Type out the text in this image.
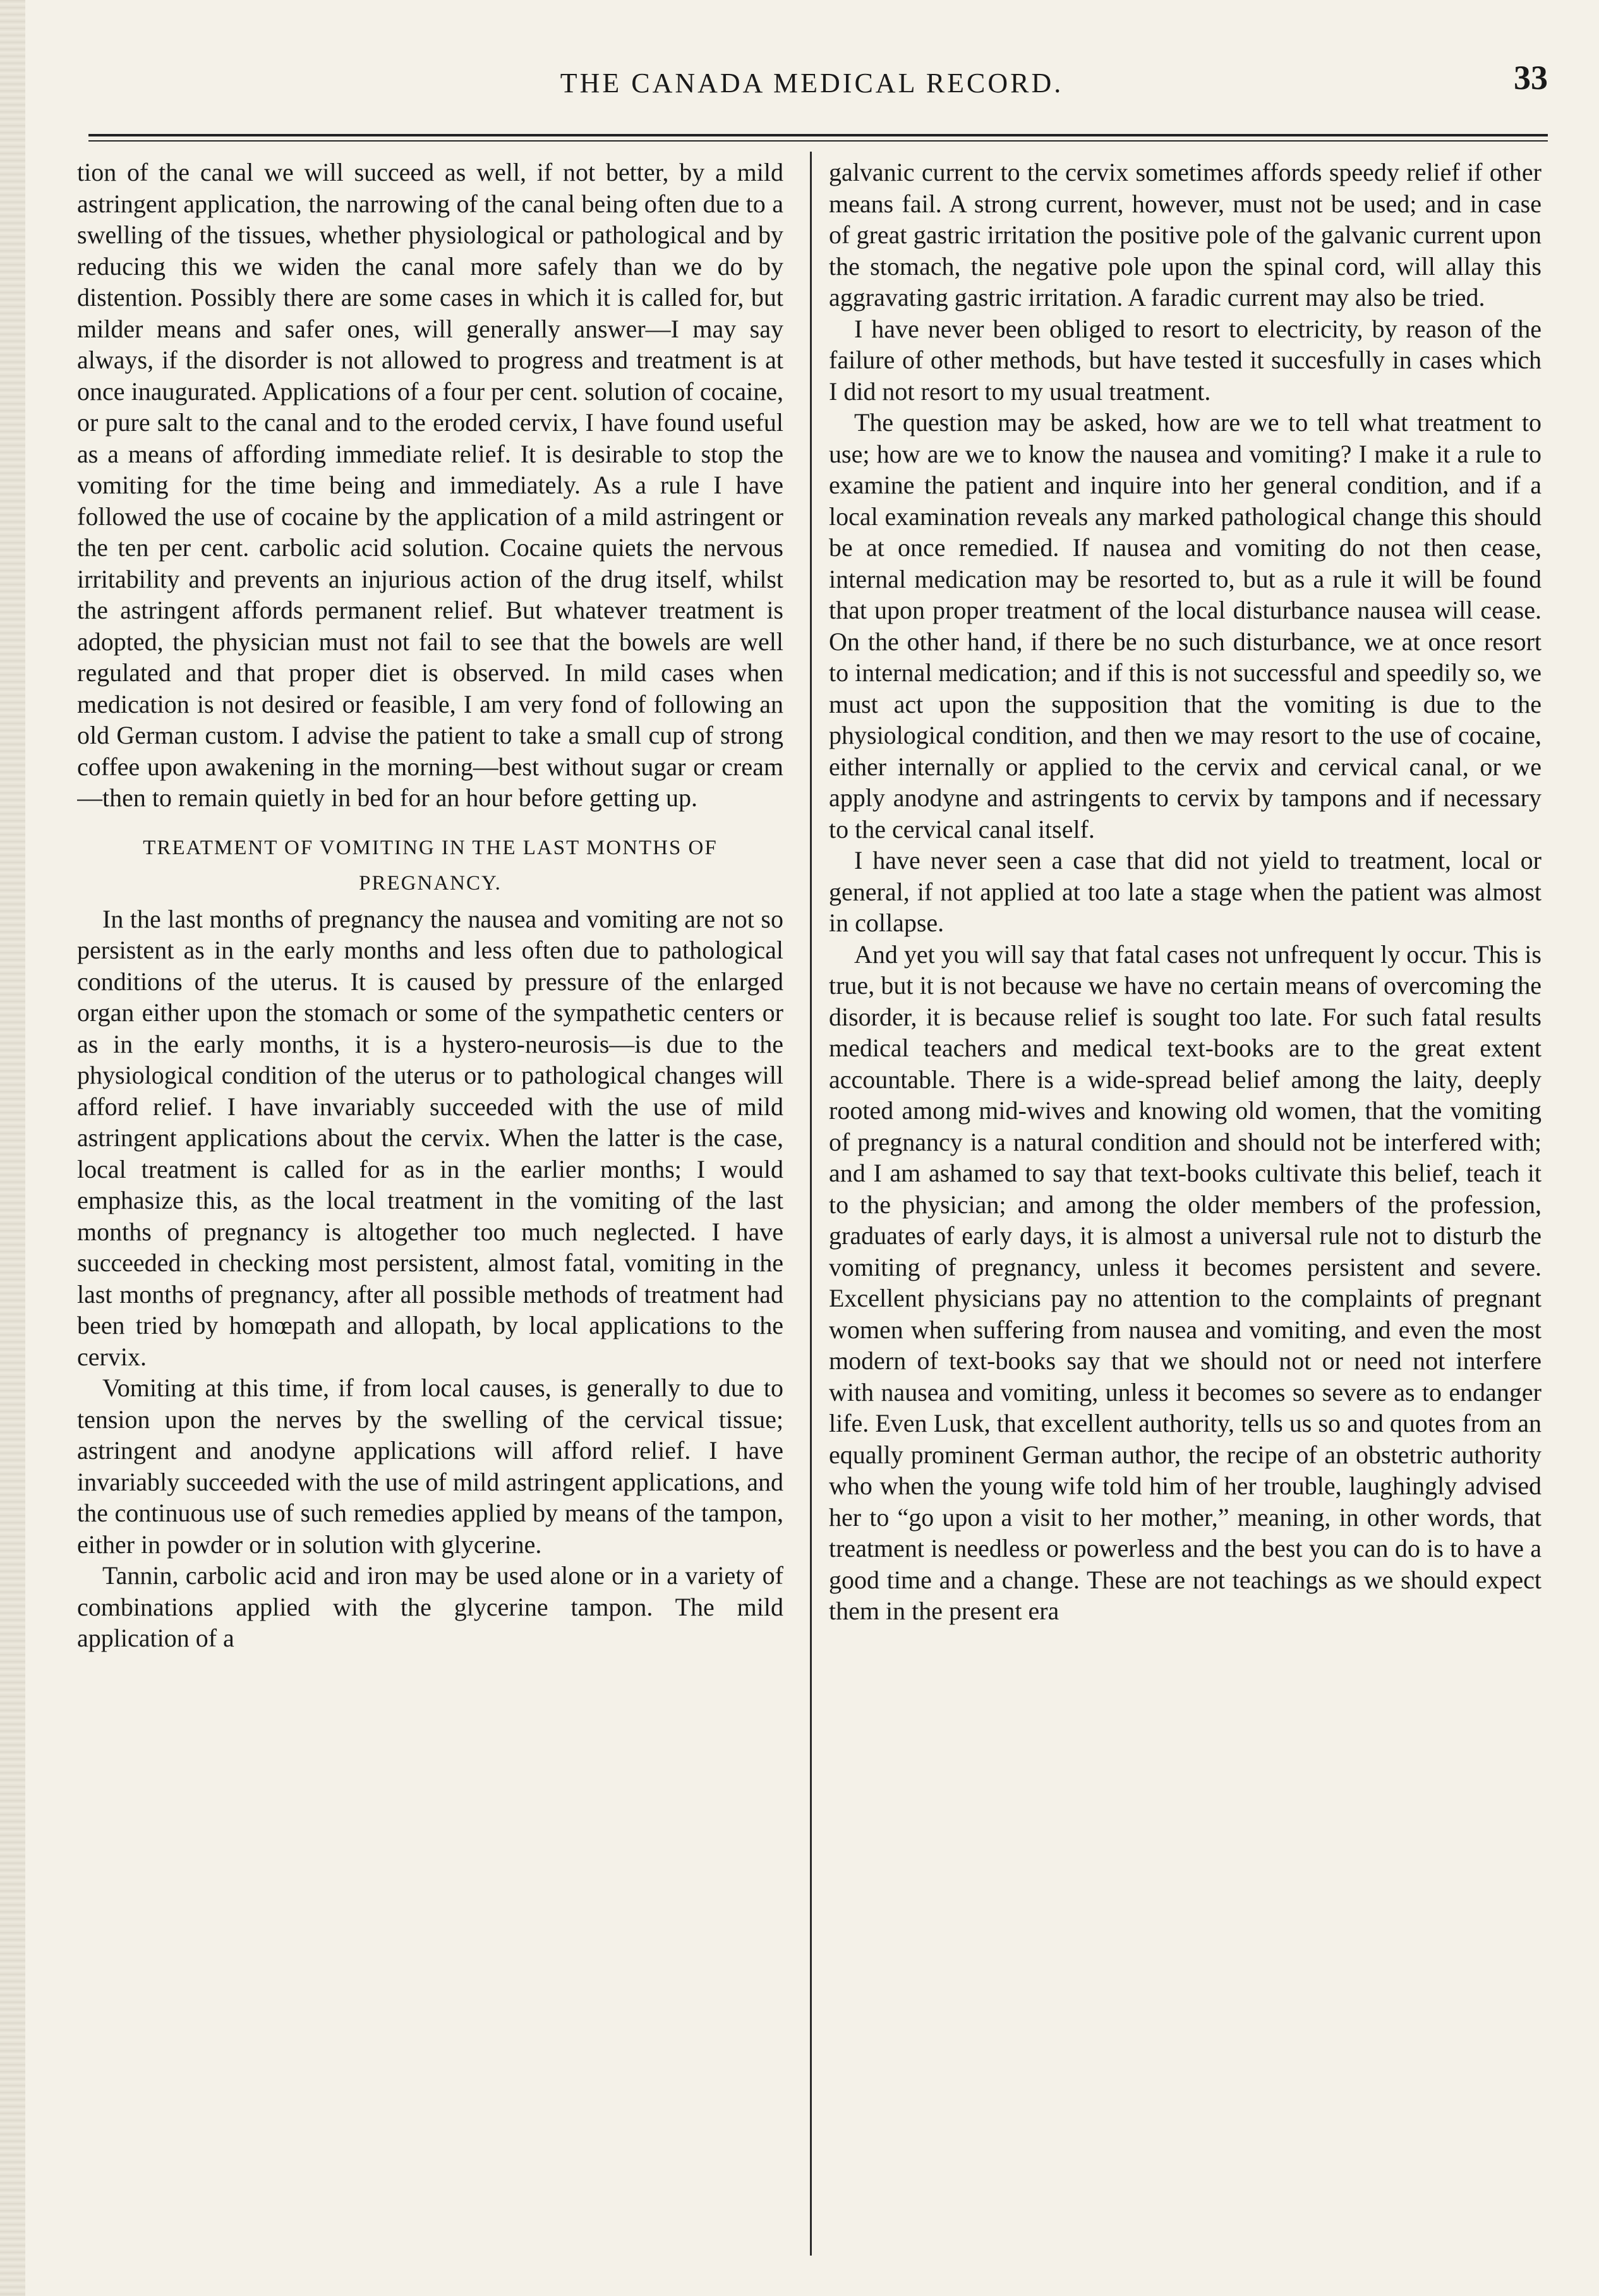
THE CANADA MEDICAL RECORD.	33

tion of the canal we will succeed as well, if not better, by a mild astringent application, the narrowing of the canal being often due to a swelling of the tissues, whether physiological or pathological and by reducing this we widen the canal more safely than we do by distention. Possibly there are some cases in which it is called for, but milder means and safer ones, will generally answer—I may say always, if the disorder is not allowed to progress and treatment is at once inaugurated. Applications of a four per cent. solution of cocaine, or pure salt to the canal and to the eroded cervix, I have found useful as a means of affording immediate relief. It is desirable to stop the vomiting for the time being and immediately. As a rule I have followed the use of cocaine by the application of a mild astringent or the ten per cent. carbolic acid solution. Cocaine quiets the nervous irritability and prevents an injurious action of the drug itself, whilst the astringent affords permanent relief. But whatever treatment is adopted, the physician must not fail to see that the bowels are well regulated and that proper diet is observed. In mild cases when medication is not desired or feasible, I am very fond of following an old German custom. I advise the patient to take a small cup of strong coffee upon awakening in the morning—best without sugar or cream—then to remain quietly in bed for an hour before getting up.

TREATMENT OF VOMITING IN THE LAST MONTHS OF
PREGNANCY.

In the last months of pregnancy the nausea and vomiting are not so persistent as in the early months and less often due to pathological conditions of the uterus. It is caused by pressure of the enlarged organ either upon the stomach or some of the sympathetic centers or as in the early months, it is a hystero-neurosis—is due to the physiological condition of the uterus or to pathological changes will afford relief. I have invariably succeeded with the use of mild astringent applications about the cervix. When the latter is the case, local treatment is called for as in the earlier months; I would emphasize this, as the local treatment in the vomiting of the last months of pregnancy is altogether too much neglected. I have succeeded in checking most persistent, almost fatal, vomiting in the last months of pregnancy, after all possible methods of treatment had been tried by homœpath and allopath, by local applications to the cervix.

Vomiting at this time, if from local causes, is generally to due to tension upon the nerves by the swelling of the cervical tissue; astringent and anodyne applications will afford relief. I have invariably succeeded with the use of mild astringent applications, and the continuous use of such remedies applied by means of the tampon, either in powder or in solution with glycerine.

Tannin, carbolic acid and iron may be used alone or in a variety of combinations applied with the glycerine tampon. The mild application of a

galvanic current to the cervix sometimes affords speedy relief if other means fail. A strong current, however, must not be used; and in case of great gastric irritation the positive pole of the galvanic current upon the stomach, the negative pole upon the spinal cord, will allay this aggravating gastric irritation. A faradic current may also be tried.

I have never been obliged to resort to electricity, by reason of the failure of other methods, but have tested it succesfully in cases which I did not resort to my usual treatment.

The question may be asked, how are we to tell what treatment to use; how are we to know the nausea and vomiting? I make it a rule to examine the patient and inquire into her general condition, and if a local examination reveals any marked pathological change this should be at once remedied. If nausea and vomiting do not then cease, internal medication may be resorted to, but as a rule it will be found that upon proper treatment of the local disturbance nausea will cease. On the other hand, if there be no such disturbance, we at once resort to internal medication; and if this is not successful and speedily so, we must act upon the supposition that the vomiting is due to the physiological condition, and then we may resort to the use of cocaine, either internally or applied to the cervix and cervical canal, or we apply anodyne and astringents to cervix by tampons and if necessary to the cervical canal itself.

I have never seen a case that did not yield to treatment, local or general, if not applied at too late a stage when the patient was almost in collapse.

And yet you will say that fatal cases not unfrequent ly occur. This is true, but it is not because we have no certain means of overcoming the disorder, it is because relief is sought too late. For such fatal results medical teachers and medical text-books are to the great extent accountable. There is a wide-spread belief among the laity, deeply rooted among mid-wives and knowing old women, that the vomiting of pregnancy is a natural condition and should not be interfered with; and I am ashamed to say that text-books cultivate this belief, teach it to the physician; and among the older members of the profession, graduates of early days, it is almost a universal rule not to disturb the vomiting of pregnancy, unless it becomes persistent and severe. Excellent physicians pay no attention to the complaints of pregnant women when suffering from nausea and vomiting, and even the most modern of text-books say that we should not or need not interfere with nausea and vomiting, unless it becomes so severe as to endanger life. Even Lusk, that excellent authority, tells us so and quotes from an equally prominent German author, the recipe of an obstetric authority who when the young wife told him of her trouble, laughingly advised her to “go upon a visit to her mother,” meaning, in other words, that treatment is needless or powerless and the best you can do is to have a good time and a change. These are not teachings as we should expect them in the present era
